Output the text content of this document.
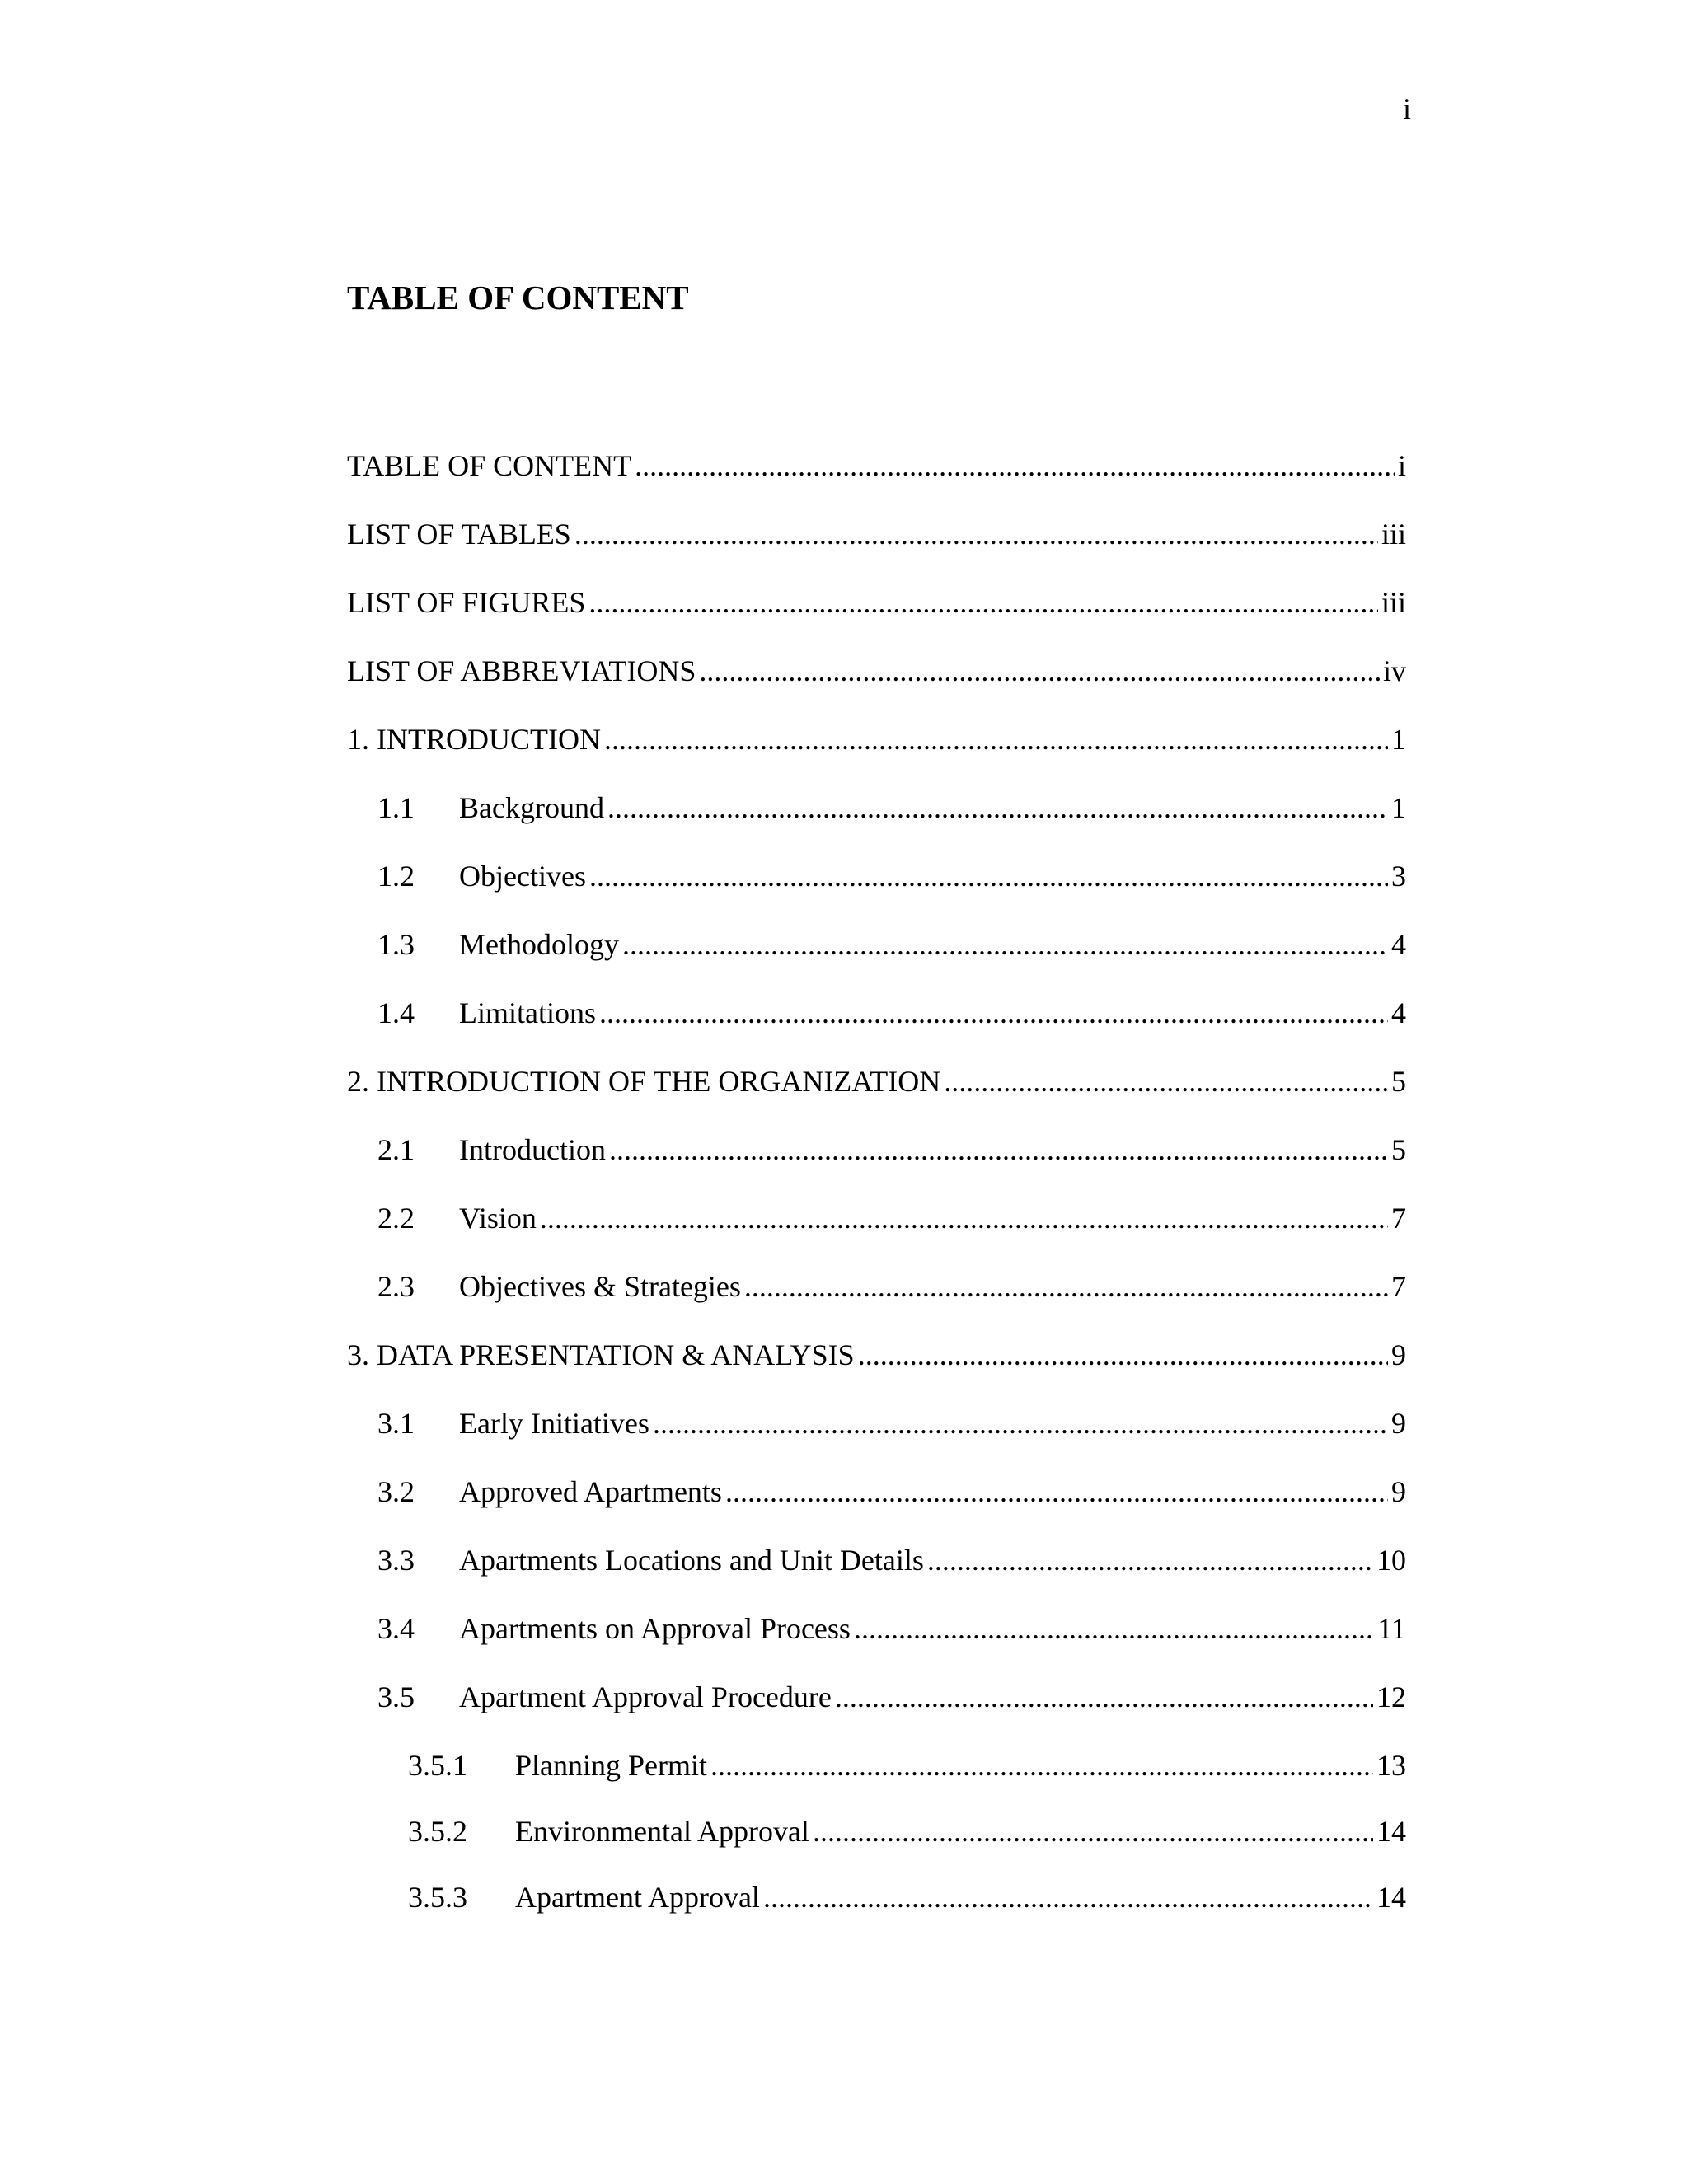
i
TABLE OF CONTENT
TABLE OF CONTENT .....	i
LIST OF TABLES .....	iii
LIST OF FIGURES .....	iii
LIST OF ABBREVIATIONS .....	iv
1. INTRODUCTION .....	1
1.1	Background .....	1
1.2	Objectives .....	3
1.3	Methodology .....	4
1.4	Limitations .....	4
2. INTRODUCTION OF THE ORGANIZATION .....	5
2.1	Introduction .....	5
2.2	Vision .....	7
2.3	Objectives & Strategies .....	7
3. DATA PRESENTATION & ANALYSIS .....	9
3.1	Early Initiatives .....	9
3.2	Approved Apartments .....	9
3.3	Apartments Locations and Unit Details .....	10
3.4	Apartments on Approval Process .....	11
3.5	Apartment Approval Procedure .....	12
3.5.1	Planning Permit .....	13
3.5.2	Environmental Approval .....	14
3.5.3	Apartment Approval .....	14
